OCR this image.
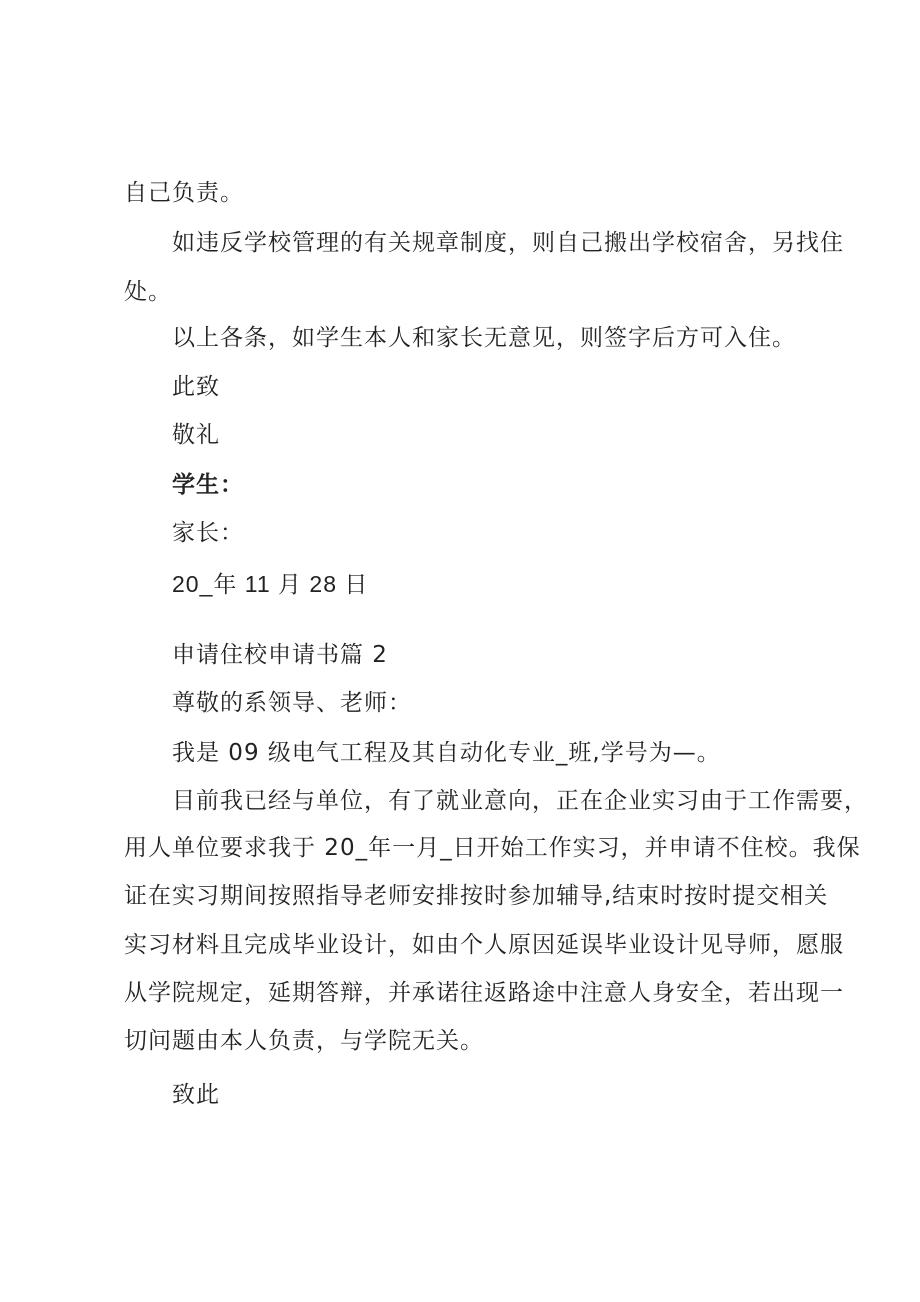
自己负责。
如违反学校管理的有关规章制度，则自己搬出学校宿舍，另找住
处。
以上各条，如学生本人和家长无意见，则签字后方可入住。
此致
敬礼
学生：
家长：
20_年 11 月 28 日
申请住校申请书篇 2
尊敬的系领导、老师：
我是 09 级电气工程及其自动化专业_班,学号为—。
目前我已经与单位，有了就业意向，正在企业实习由于工作需要，
用人单位要求我于 20_年一月_日开始工作实习，并申请不住校。我保
证在实习期间按照指导老师安排按时参加辅导,结束时按时提交相关
实习材料且完成毕业设计，如由个人原因延误毕业设计见导师，愿服
从学院规定，延期答辩，并承诺往返路途中注意人身安全，若出现一
切问题由本人负责，与学院无关。
致此
